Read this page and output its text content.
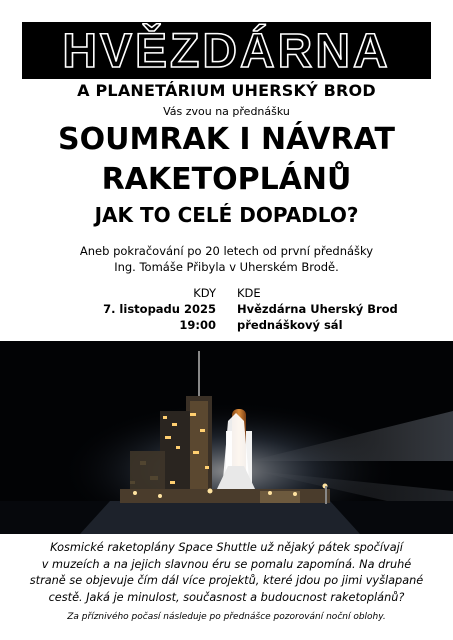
HVĚZDÁRNA
A PLANETÁRIUM UHERSKÝ BROD
Vás zvou na přednášku
SOUMRAK I NÁVRAT
RAKETOPLÁNŮ
JAK TO CELÉ DOPADLO?
Aneb pokračování po 20 letech od první přednášky
Ing. Tomáše Přibyla v Uherském Brodě.
KDY
7. listopadu 2025
19:00
KDE
Hvězdárna Uherský Brod
přednáškový sál
Kosmické raketoplány Space Shuttle už nějaký pátek spočívají
v muzeích a na jejich slavnou éru se pomalu zapomíná. Na druhé
straně se objevuje čím dál více projektů, které jdou po jimi vyšlapané
cestě. Jaká je minulost, současnost a budoucnost raketoplánů?
Za příznivého počasí následuje po přednášce pozorování noční oblohy.
